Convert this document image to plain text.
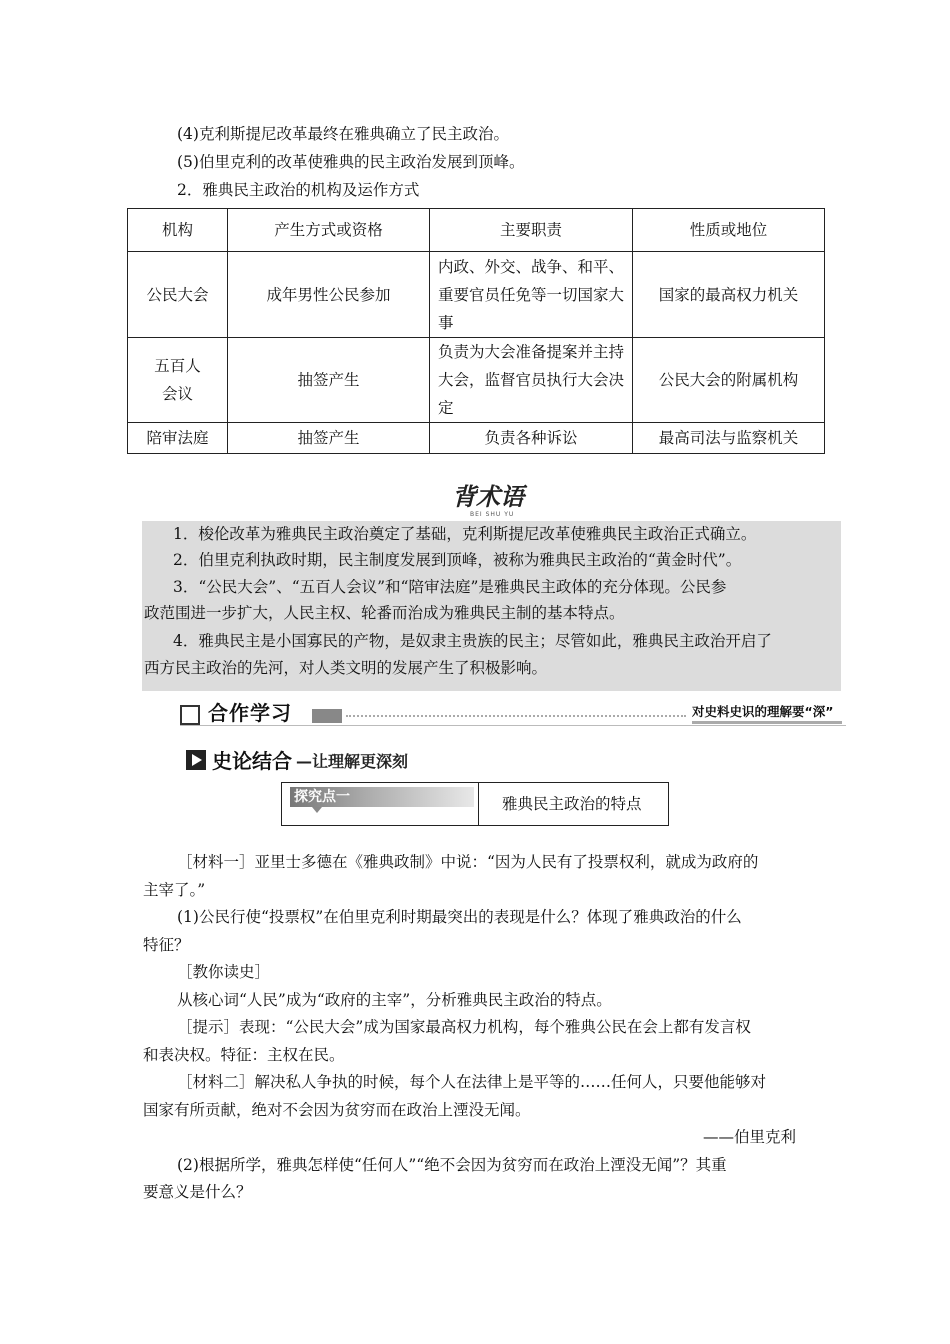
(4)克利斯提尼改革最终在雅典确立了民主政治。
(5)伯里克利的改革使雅典的民主政治发展到顶峰。
2．雅典民主政治的机构及运作方式
机构	产生方式或资格	主要职责	性质或地位
公民大会	成年男性公民参加	内政、外交、战争、和平、重要官员任免等一切国家大事	国家的最高权力机关
五百人会议	抽签产生	负责为大会准备提案并主持大会，监督官员执行大会决定	公民大会的附属机构
陪审法庭	抽签产生	负责各种诉讼	最高司法与监察机关
背术语
BEI SHU YU
1．梭伦改革为雅典民主政治奠定了基础，克利斯提尼改革使雅典民主政治正式确立。
2．伯里克利执政时期，民主制度发展到顶峰，被称为雅典民主政治的“黄金时代”。
3．“公民大会”、“五百人会议”和“陪审法庭”是雅典民主政体的充分体现。公民参
政范围进一步扩大，人民主权、轮番而治成为雅典民主制的基本特点。
4．雅典民主是小国寡民的产物，是奴隶主贵族的民主；尽管如此，雅典民主政治开启了
西方民主政治的先河，对人类文明的发展产生了积极影响。
合作学习	对史料史识的理解要“深”
史论结合 —让理解更深刻
探究点一	雅典民主政治的特点
［材料一］亚里士多德在《雅典政制》中说：“因为人民有了投票权利，就成为政府的
主宰了。”
(1)公民行使“投票权”在伯里克利时期最突出的表现是什么？体现了雅典政治的什么
特征？
［教你读史］
从核心词“人民”成为“政府的主宰”，分析雅典民主政治的特点。
［提示］表现：“公民大会”成为国家最高权力机构，每个雅典公民在会上都有发言权
和表决权。特征：主权在民。
［材料二］解决私人争执的时候，每个人在法律上是平等的……任何人，只要他能够对
国家有所贡献，绝对不会因为贫穷而在政治上湮没无闻。
——伯里克利
(2)根据所学，雅典怎样使“任何人”“绝不会因为贫穷而在政治上湮没无闻”？其重
要意义是什么？
